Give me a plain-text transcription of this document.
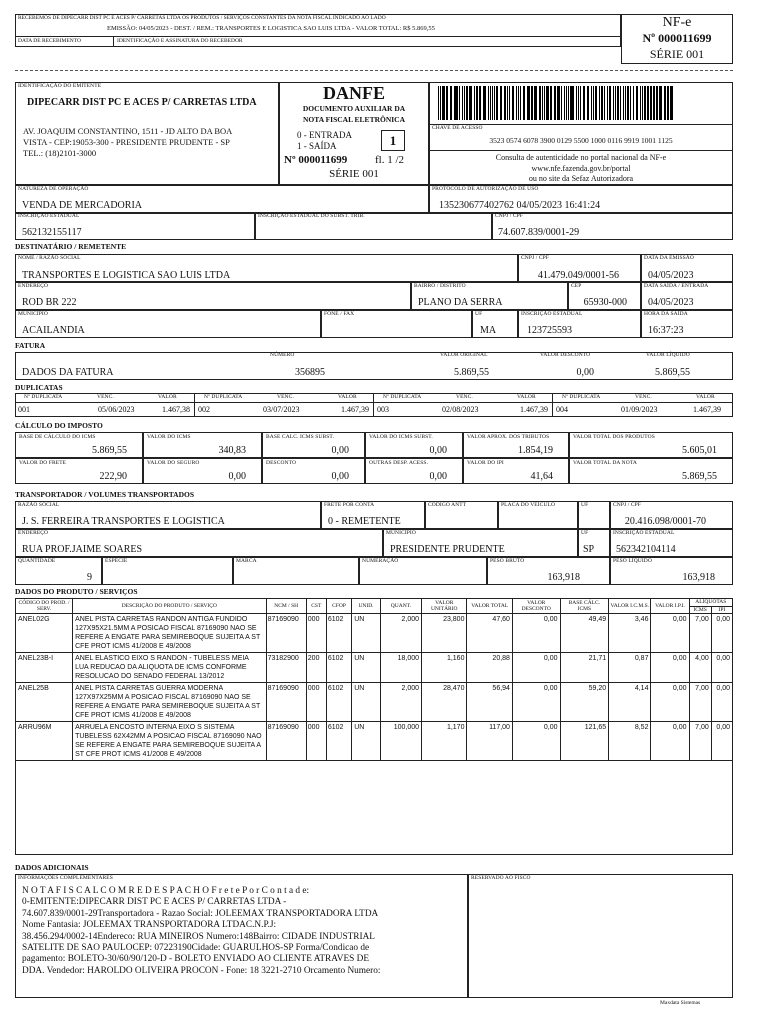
RECEBEMOS DE DIPECARR DIST PC E ACES P/ CARRETAS LTDA OS PRODUTOS / SERVIÇOS CONSTANTES DA NOTA FISCAL INDICADO AO LADO
EMISSÃO: 04/05/2023 - DEST. / REM.: TRANSPORTES E LOGISTICA SAO LUIS LTDA - VALOR TOTAL: R$ 5.869,55
DATA DE RECEBIMENTO	IDENTIFICAÇÃO E ASSINATURA DO RECEBEDOR
NF-e
Nº 000011699
SÉRIE 001
IDENTIFICAÇÃO DO EMITENTE
DIPECARR DIST PC E ACES P/ CARRETAS LTDA
AV. JOAQUIM CONSTANTINO, 1511 - JD ALTO DA BOA
VISTA - CEP:19053-300 - PRESIDENTE PRUDENTE - SP
TEL.: (18)2101-3000
DANFE
DOCUMENTO AUXILIAR DA
NOTA FISCAL ELETRÔNICA
0 - ENTRADA
1 - SAÍDA	1
Nº 000011699	fl. 1 /2
SÉRIE 001
CHAVE DE ACESSO
3523 0574 6078 3900 0129 5500 1000 0116 9919 1001 1125
Consulta de autenticidade no portal nacional da NF-e
www.nfe.fazenda.gov.br/portal
ou no site da Sefaz Autorizadora
NATUREZA DE OPERAÇÃO
VENDA DE MERCADORIA
PROTOCOLO DE AUTORIZAÇÃO DE USO
135230677402762 04/05/2023 16:41:24
INSCRIÇÃO ESTADUAL
562132155117
INSCRIÇÃO ESTADUAL DO SUBST. TRIB.	CNPJ / CPF
74.607.839/0001-29
DESTINATÁRIO / REMETENTE
NOME / RAZÃO SOCIAL
TRANSPORTES E LOGISTICA SAO LUIS LTDA
CNPJ / CPF
41.479.049/0001-56
DATA DA EMISSÃO
04/05/2023
ENDEREÇO
ROD BR 222
BAIRRO / DISTRITO
PLANO DA SERRA
CEP
65930-000
DATA SAÍDA / ENTRADA
04/05/2023
MUNICÍPIO
ACAILANDIA
FONE / FAX	UF
MA
INSCRIÇÃO ESTADUAL
123725593
HORA DA SAÍDA
16:37:23
FATURA
DADOS DA FATURA
NÚMERO
356895
VALOR ORIGINAL
5.869,55
VALOR DESCONTO
0,00
VALOR LÍQUIDO
5.869,55
DUPLICATAS
Nº DUPLICATA	VENC.	VALOR
001	05/06/2023	1.467,38
Nº DUPLICATA	VENC.	VALOR
002	03/07/2023	1.467,39
Nº DUPLICATA	VENC.	VALOR
003	02/08/2023	1.467,39
Nº DUPLICATA	VENC.	VALOR
004	01/09/2023	1.467,39
CÁLCULO DO IMPOSTO
BASE DE CÁLCULO DO ICMS
5.869,55
VALOR DO ICMS
340,83
BASE CALC. ICMS SUBST.
0,00
VALOR DO ICMS SUBST.
0,00
VALOR APROX. DOS TRIBUTOS
1.854,19
VALOR TOTAL DOS PRODUTOS
5.605,01
VALOR DO FRETE
222,90
VALOR DO SEGURO
0,00
DESCONTO
0,00
OUTRAS DESP. ACESS.
0,00
VALOR DO IPI
41,64
VALOR TOTAL DA NOTA
5.869,55
TRANSPORTADOR / VOLUMES TRANSPORTADOS
RAZÃO SOCIAL
J. S. FERREIRA TRANSPORTES E LOGISTICA
FRETE POR CONTA
0 - REMETENTE
CÓDIGO ANTT	PLACA DO VEÍCULO	UF	CNPJ / CPF
20.416.098/0001-70
ENDEREÇO
RUA PROF.JAIME SOARES
MUNICÍPIO
PRESIDENTE PRUDENTE
UF
SP
INSCRIÇÃO ESTADUAL
562342104114
QUANTIDADE
9
ESPÉCIE	MARCA	NUMERAÇÃO	PESO BRUTO
163,918
PESO LÍQUIDO
163,918
DADOS DO PRODUTO / SERVIÇOS
CÓDIGO DO PROD. / SERV.	DESCRIÇÃO DO PRODUTO / SERVIÇO	NCM / SH	CST	CFOP	UNID.	QUANT.	VALOR UNITÁRIO	VALOR TOTAL	VALOR DESCONTO	BASE CÁLC. ICMS	VALOR I.C.M.S.	VALOR I.P.I.	ALÍQUOTAS	
													ICMS	IPI
ANEL02G	ANEL PISTA CARRETAS RANDON ANTIGA FUNDIDO 127X95X21.5MM A POSICAO FISCAL 87169090 NAO SE REFERE A ENGATE PARA SEMIREBOQUE SUJEITA A ST CFE PROT ICMS 41/2008 E 49/2008	87169090	000	6102	UN	2,000	23,800	47,60	0,00	49,49	3,46	0,00	7,00	0,00
ANEL23B-I	ANEL ELASTICO EIXO S RANDON - TUBELESS MEIA LUA REDUCAO DA ALIQUOTA DE ICMS CONFORME RESOLUCAO DO SENADO FEDERAL 13/2012	73182900	200	6102	UN	18,000	1,160	20,88	0,00	21,71	0,87	0,00	4,00	0,00
ANEL25B	ANEL PISTA CARRETAS GUERRA MODERNA 127X97X25MM A POSICAO FISCAL 87169090 NAO SE REFERE A ENGATE PARA SEMIREBOQUE SUJEITA A ST CFE PROT ICMS 41/2008 E 49/2008	87169090	000	6102	UN	2,000	28,470	56,94	0,00	59,20	4,14	0,00	7,00	0,00
ARRU96M	ARRUELA ENCOSTO INTERNA EIXO S SISTEMA TUBELESS 62X42MM A POSICAO FISCAL 87169090 NAO SE REFERE A ENGATE PARA SEMIREBOQUE SUJEITA A ST CFE PROT ICMS 41/2008 E 49/2008	87169090	000	6102	UN	100,000	1,170	117,00	0,00	121,65	8,52	0,00	7,00	0,00
DADOS ADICIONAIS
INFORMAÇÕES COMPLEMENTARES
N O T A F I S C A L C O M R E D E S P A C H O F r e t e P o r C o n t a d e:
0-EMITENTE:DIPECARR DIST PC E ACES P/ CARRETAS LTDA -
74.607.839/0001-29Transportadora - Razao Social: JOLEEMAX TRANSPORTADORA LTDA
Nome Fantasia: JOLEEMAX TRANSPORTADORA LTDAC.N.P.J:
38.456.294/0002-14Endereco: RUA MINEIROS Numero:148Bairro: CIDADE INDUSTRIAL
SATELITE DE SAO PAULOCEP: 07223190Cidade: GUARULHOS-SP Forma/Condicao de
pagamento: BOLETO-30/60/90/120-D - BOLETO ENVIADO AO CLIENTE ATRAVES DE
DDA. Vendedor: HAROLDO OLIVEIRA PROCON - Fone: 18 3221-2710 Orcamento Numero:
RESERVADO AO FISCO
Maxdata Sistemas
